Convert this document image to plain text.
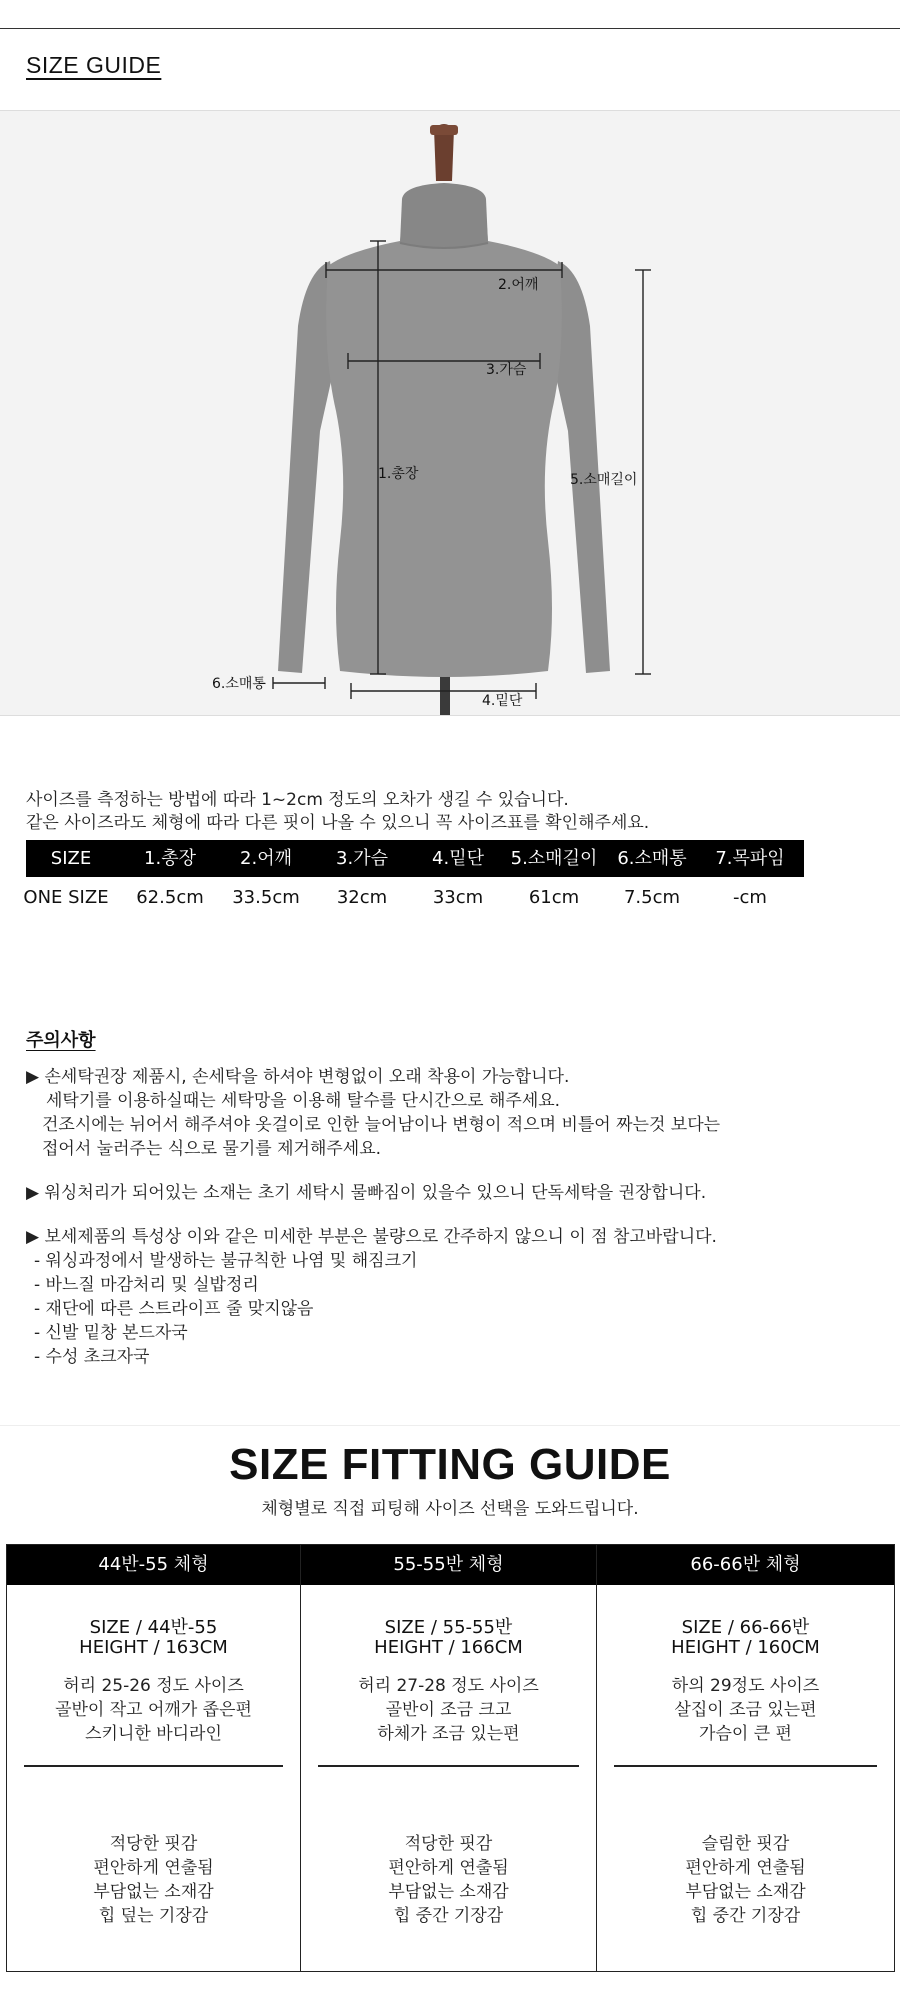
SIZE GUIDE
2.어깨
3.가슴
1.총장	5.소매길이
6.소매통
4.밑단
사이즈를 측정하는 방법에 따라 1~2cm 정도의 오차가 생길 수 있습니다.
같은 사이즈라도 체형에 따라 다른 핏이 나올 수 있으니 꼭 사이즈표를 확인해주세요.
SIZE	1.총장	2.어깨	3.가슴	4.밑단	5.소매길이	6.소매통	7.목파임
ONE SIZE	62.5cm	33.5cm	32cm	33cm	61cm	7.5cm	-cm
주의사항
▶ 손세탁권장 제품시, 손세탁을 하셔야 변형없이 오래 착용이 가능합니다.
세탁기를 이용하실때는 세탁망을 이용해 탈수를 단시간으로 해주세요.
건조시에는 뉘어서 해주셔야 옷걸이로 인한 늘어남이나 변형이 적으며 비틀어 짜는것 보다는
접어서 눌러주는 식으로 물기를 제거해주세요.
▶ 워싱처리가 되어있는 소재는 초기 세탁시 물빠짐이 있을수 있으니 단독세탁을 권장합니다.
▶ 보세제품의 특성상 이와 같은 미세한 부분은 불량으로 간주하지 않으니 이 점 참고바랍니다.
- 워싱과정에서 발생하는 불규칙한 나염 및 해짐크기
- 바느질 마감처리 및 실밥정리
- 재단에 따른 스트라이프 줄 맞지않음
- 신발 밑창 본드자국
- 수성 초크자국
SIZE FITTING GUIDE
체형별로 직접 피팅해 사이즈 선택을 도와드립니다.
44반-55 체형
SIZE / 44반-55
HEIGHT / 163CM
허리 25-26 정도 사이즈
골반이 작고 어깨가 좁은편
스키니한 바디라인
적당한 핏감
편안하게 연출됨
부담없는 소재감
힙 덮는 기장감
55-55반 체형
SIZE / 55-55반
HEIGHT / 166CM
허리 27-28 정도 사이즈
골반이 조금 크고
하체가 조금 있는편
적당한 핏감
편안하게 연출됨
부담없는 소재감
힙 중간 기장감
66-66반 체형
SIZE / 66-66반
HEIGHT / 160CM
하의 29정도 사이즈
살집이 조금 있는편
가슴이 큰 편
슬림한 핏감
편안하게 연출됨
부담없는 소재감
힙 중간 기장감
